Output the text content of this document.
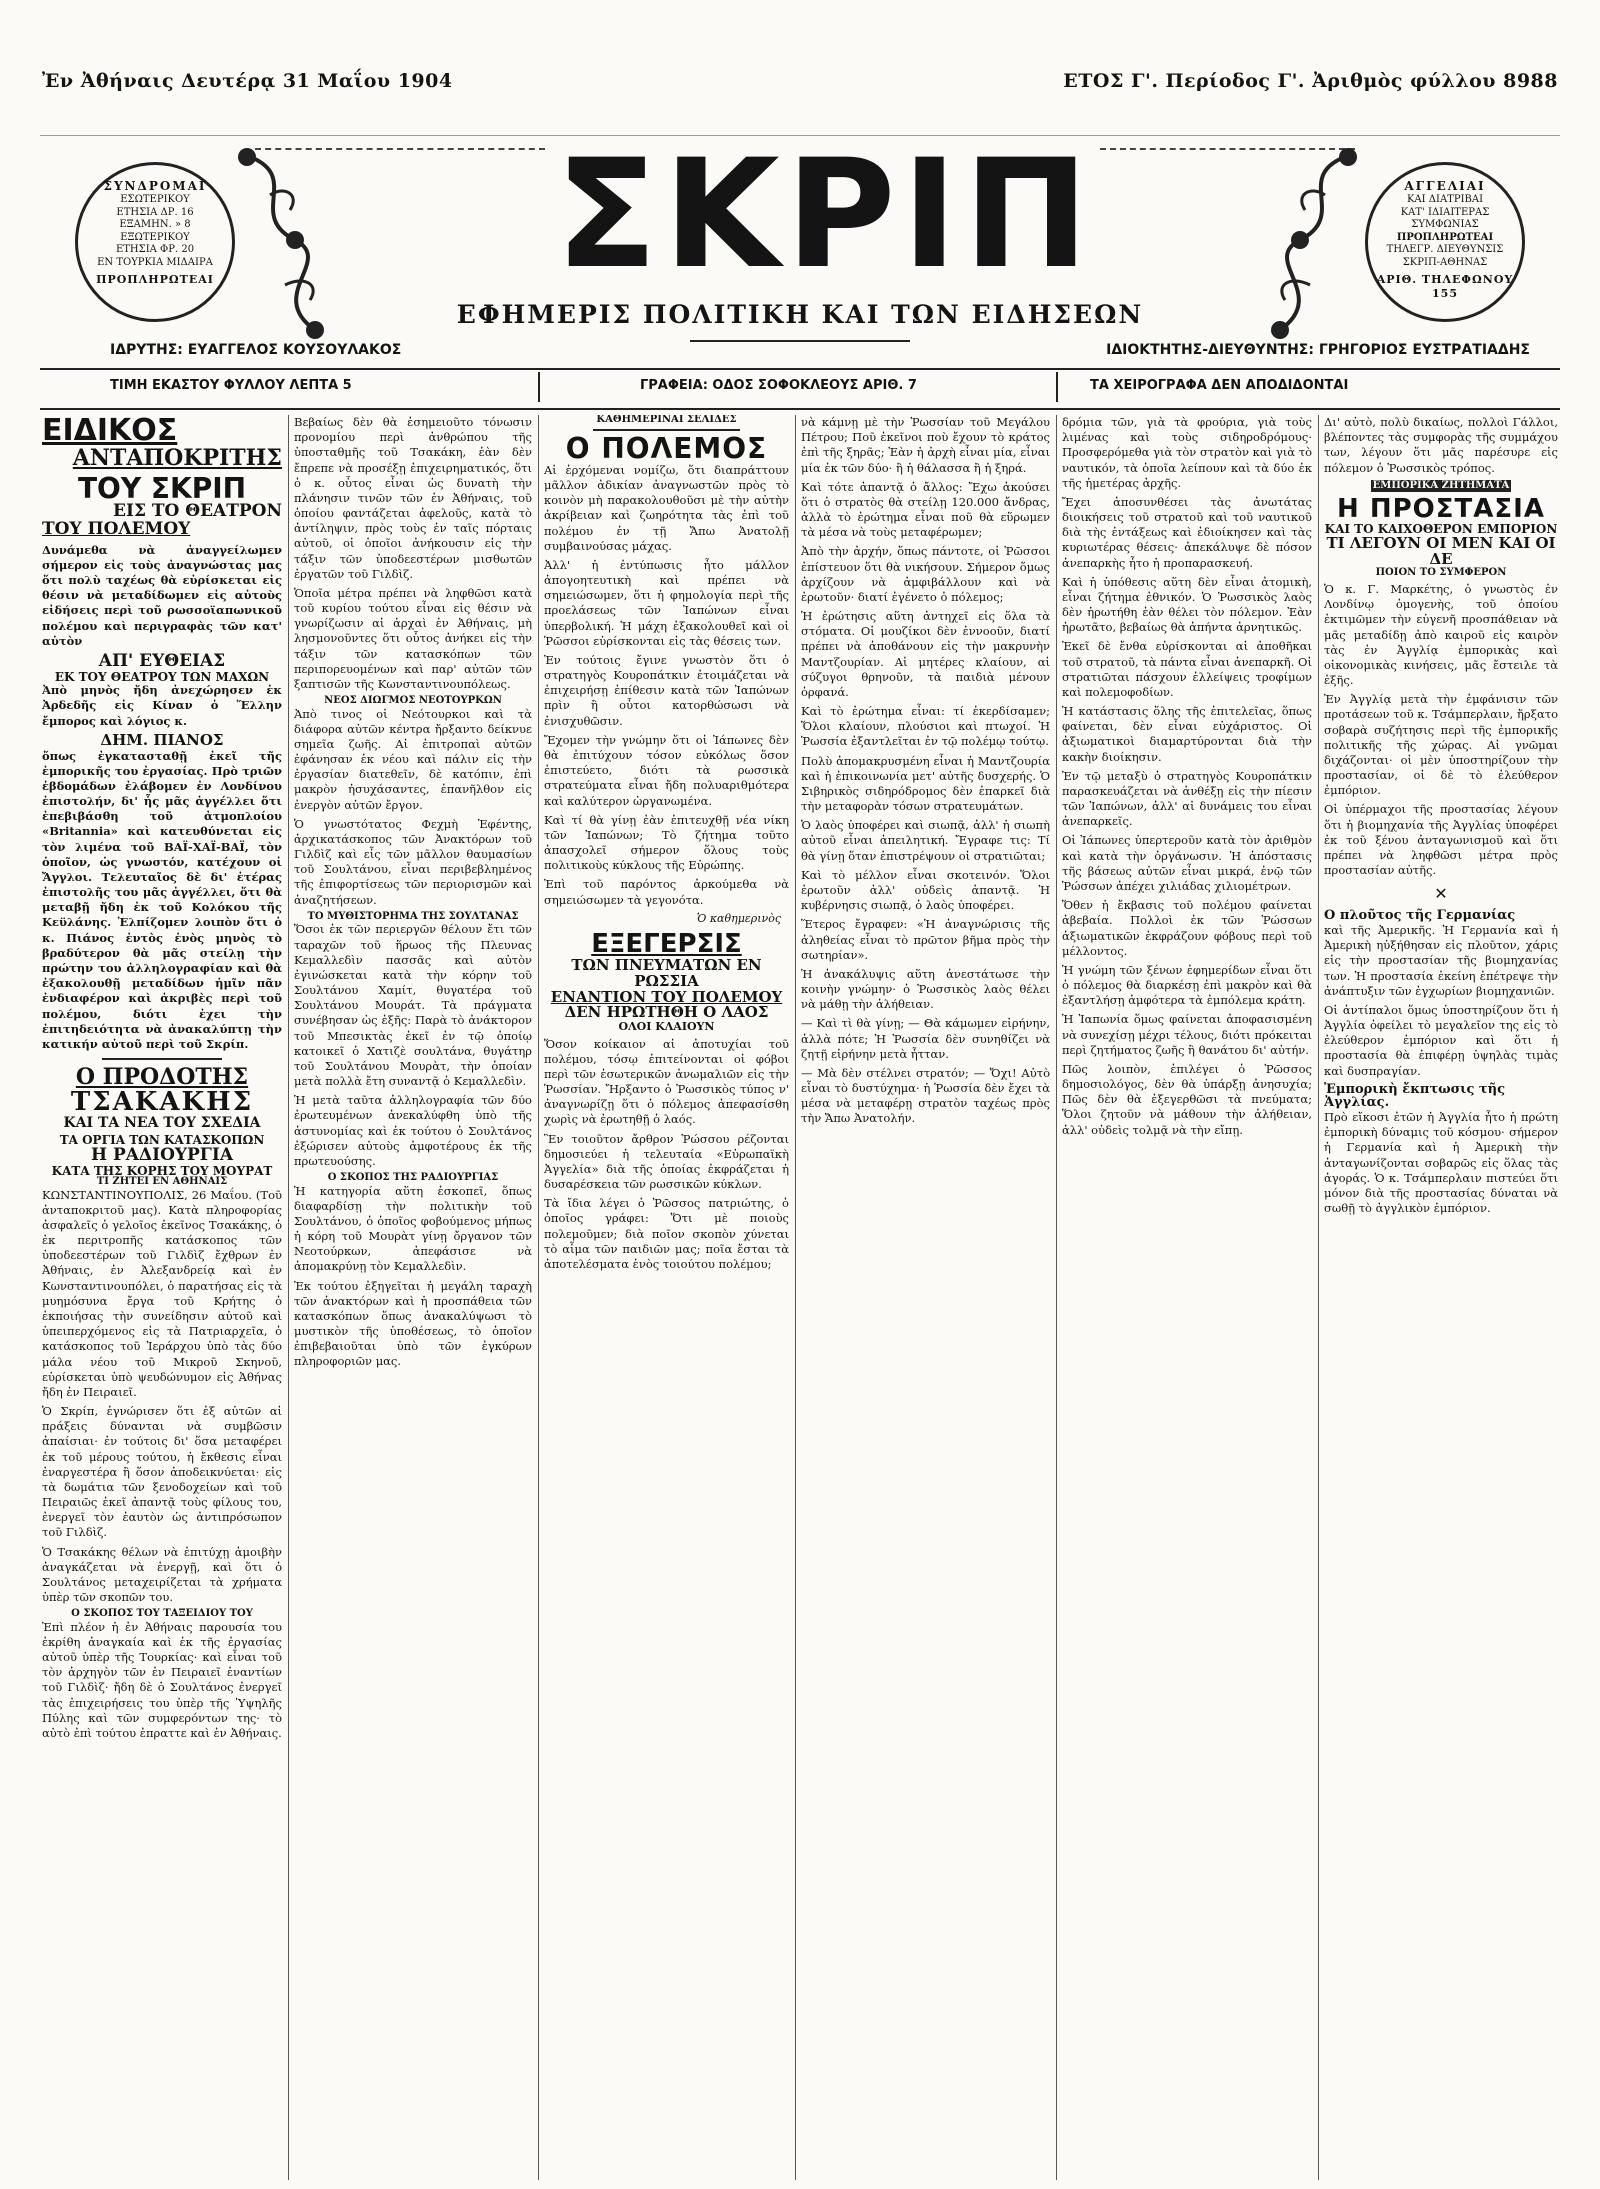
Ἐν Ἀθήναις Δευτέρᾳ 31 Μαΐου 1904	ΕΤΟΣ Γ'. Περίοδος Γ'. Ἀριθμὸς φύλλου 8988
ΣΥΝΔΡΟΜΑΙ
ΕΣΩΤΕΡΙΚΟΥ
ΕΤΗΣΙΑ ΔΡ. 16
ΕΞΑΜΗΝ. » 8
ΕΞΩΤΕΡΙΚΟΥ
ΕΤΗΣΙΑ ΦΡ. 20
ΕΝ ΤΟΥΡΚΙΑ ΜΙΔΑΙΡΑ
ΠΡΟΠΛΗΡΩΤΕΑΙ
ΑΓΓΕΛΙΑΙ
ΚΑΙ ΔΙΑΤΡΙΒΑΙ
ΚΑΤ' ΙΔΙΑΙΤΕΡΑΣ
ΣΥΜΦΩΝΙΑΣ
ΠΡΟΠΛΗΡΩΤΕΑΙ
ΤΗΛΕΓΡ. ΔΙΕΥΘΥΝΣΙΣ
ΣΚΡΙΠ-ΑΘΗΝΑΣ
ΑΡΙΘ. ΤΗΛΕΦΩΝΟΥ 155
ΣΚΡΙΠ
ΕΦΗΜΕΡΙΣ ΠΟΛΙΤΙΚΗ ΚΑΙ ΤΩΝ ΕΙΔΗΣΕΩΝ
ΙΔΡΥΤΗΣ: ΕΥΑΓΓΕΛΟΣ ΚΟΥΣΟΥΛΑΚΟΣ	ΙΔΙΟΚΤΗΤΗΣ-ΔΙΕΥΘΥΝΤΗΣ: ΓΡΗΓΟΡΙΟΣ ΕΥΣΤΡΑΤΙΑΔΗΣ
ΤΙΜΗ ΕΚΑΣΤΟΥ ΦΥΛΛΟΥ ΛΕΠΤΑ 5	ΓΡΑΦΕΙΑ: ΟΔΟΣ ΣΟΦΟΚΛΕΟΥΣ ΑΡΙΘ. 7	ΤΑ ΧΕΙΡΟΓΡΑΦΑ ΔΕΝ ΑΠΟΔΙΔΟΝΤΑΙ
ΕΙΔΙΚΟΣ
ΑΝΤΑΠΟΚΡΙΤΗΣ
ΤΟΥ ΣΚΡΙΠ
ΕΙΣ ΤΟ ΘΕΑΤΡΟΝ
ΤΟΥ ΠΟΛΕΜΟΥ

Δυνάμεθα νὰ ἀναγγείλωμεν σήμερον εἰς τοὺς ἀναγνώστας μας ὅτι πολὺ ταχέως θὰ εὑρίσκεται εἰς θέσιν νὰ μεταδίδωμεν εἰς αὐτοὺς εἰδήσεις περὶ τοῦ ρωσσοϊαπωνικοῦ πολέμου καὶ περιγραφὰς τῶν κατ' αὐτὸν

ΑΠ' ΕΥΘΕΙΑΣ
ΕΚ ΤΟΥ ΘΕΑΤΡΟΥ ΤΩΝ ΜΑΧΩΝ

Ἀπὸ μηνὸς ἤδη ἀνεχώρησεν ἐκ Ἀρδεδῆς εἰς Κίναν ὁ Ἕλλην ἔμπορος καὶ λόγιος κ.

ΔΗΜ. ΠΙΑΝΟΣ

ὅπως ἐγκατασταθῇ ἐκεῖ τῆς ἐμπορικῆς του ἐργασίας. Πρὸ τριῶν ἑβδομάδων ἐλάβομεν ἐν Λονδίνου ἐπιστολήν, δι' ἧς μᾶς ἀγγέλλει ὅτι ἐπεβιβάσθη τοῦ ἀτμοπλοίου «Britannia» καὶ κατευθύνεται εἰς τὸν λιμένα τοῦ ΒΑΪ-ΧΑΪ-ΒΑΪ, τὸν ὁποῖον, ὡς γνωστόν, κατέχουν οἱ Ἄγγλοι. Τελευταῖος δὲ δι' ἑτέρας ἐπιστολῆς του μᾶς ἀγγέλλει, ὅτι θὰ μεταβῇ ἤδη ἐκ τοῦ Κολόκου τῆς Κεϋλάνης. Ἐλπίζομεν λοιπὸν ὅτι ὁ κ. Πιάνος ἐντὸς ἑνὸς μηνὸς τὸ βραδύτερον θὰ μᾶς στείλῃ τὴν πρώτην του ἀλληλογραφίαν καὶ θὰ ἐξακολουθῇ μεταδίδων ἡμῖν πᾶν ἐνδιαφέρον καὶ ἀκριβὲς περὶ τοῦ πολέμου, διότι ἐχει τὴν ἐπιτηδειότητα νὰ ἀνακαλύπτῃ τὴν κατικήν αὐτοῦ περὶ τοῦ Σκρίπ.

Ο ΠΡΟΔΟΤΗΣ
ΤΣΑΚΑΚΗΣ
ΚΑΙ ΤΑ ΝΕΑ ΤΟΥ ΣΧΕΔΙΑ
ΤΑ ΟΡΓΙΑ ΤΩΝ ΚΑΤΑΣΚΟΠΩΝ
Η ΡΑΔΙΟΥΡΓΙΑ
ΚΑΤΑ ΤΗΣ ΚΟΡΗΣ ΤΟΥ ΜΟΥΡΑΤ
ΤΙ ΖΗΤΕΙ ΕΝ ΑΘΗΝΑΙΣ

ΚΩΝΣΤΑΝΤΙΝΟΥΠΟΛΙΣ, 26 Μαΐου. (Τοῦ ἀνταποκριτοῦ μας). Κατὰ πληροφορίας ἀσφαλεῖς ὁ γελοῖος ἐκεῖνος Τσακάκης, ὁ ἐκ περιτροπῆς κατάσκοπος τῶν ὑποδεεστέρων τοῦ Γιλδὶζ ἔχθρων ἐν Ἀθήναις, ἐν Ἀλεξανδρείᾳ καὶ ἐν Κωνσταντινουπόλει, ὁ παρατήσας εἰς τὰ μυημόσυνα ἔργα τοῦ Κρήτης ὁ ἐκποιήσας τὴν συνείδησιν αὐτοῦ καὶ ὑπειπερχόμενος εἰς τὰ Πατριαρχεῖα, ὁ κατάσκοπος τοῦ Ἱεράρχου ὑπὸ τὰς δύο μάλα νέου τοῦ Μικροῦ Σκηνοῦ, εὑρίσκεται ὑπὸ ψευδώνυμον εἰς Ἀθήνας ἤδη ἐν Πειραιεῖ.

Ὁ Σκρίπ, ἐγνώρισεν ὅτι ἐξ αὐτῶν αἱ πράξεις δύνανται νὰ συμβῶσιν ἀπαίσιαι· ἐν τούτοις δι' ὅσα μεταφέρει ἐκ τοῦ μέρους τούτου, ἡ ἔκθεσις εἶναι ἐναργεστέρα ἢ ὅσον ἀποδεικνύεται· εἰς τὰ δωμάτια τῶν ξενοδοχείων καὶ τοῦ Πειραιῶς ἐκεῖ ἀπαντᾷ τοὺς φίλους του, ἐνεργεῖ τὸν ἐαυτὸν ὡς ἀντιπρόσωπον τοῦ Γιλδὶζ.

Ὁ Τσακάκης θέλων νὰ ἐπιτύχῃ ἀμοιβὴν ἀναγκάζεται νὰ ἐνεργῇ, καὶ ὅτι ὁ Σουλτάνος μεταχειρίζεται τὰ χρήματα ὑπὲρ τῶν σκοπῶν του.

Ο ΣΚΟΠΟΣ ΤΟΥ ΤΑΞΕΙΔΙΟΥ ΤΟΥ

Ἐπὶ πλέον ἡ ἐν Ἀθήναις παρουσία του ἐκρίθη ἀναγκαία καὶ ἐκ τῆς ἐργασίας αὐτοῦ ὑπὲρ τῆς Τουρκίας· καὶ εἶναι τοῦ τὸν ἀρχηγὸν τῶν ἐν Πειραιεῖ ἐναντίων τοῦ Γιλδὶζ· ἤδη δὲ ὁ Σουλτάνος ἐνεργεῖ τὰς ἐπιχειρήσεις του ὑπὲρ τῆς Ὑψηλῆς Πύλης καὶ τῶν συμφερόντων της· τὸ αὐτὸ ἐπὶ τούτου ἐπραττε καὶ ἐν Ἀθήναις.

Βεβαίως δὲν θὰ ἐσημειοῦτο τόνωσιν προνομίου περὶ ἀνθρώπου τῆς ὑποσταθμῆς τοῦ Τσακάκη, ἐὰν δὲν ἔπρεπε νὰ προσέξῃ ἐπιχειρηματικός, ὅτι ὁ κ. οὗτος εἶναι ὡς δυνατὴ τὴν πλάνησιν τινῶν τῶν ἐν Ἀθήναις, τοῦ ὁποίου φαντάζεται ἀφελοῦς, κατὰ τὸ ἀντίληψιν, πρὸς τοὺς ἐν ταῖς πόρταις αὐτοῦ, οἱ ὁποῖοι ἀνήκουσιν εἰς τὴν τάξιν τῶν ὑποδεεστέρων μισθωτῶν ἐργατῶν τοῦ Γιλδὶζ.

Ὁποῖα μέτρα πρέπει νὰ ληφθῶσι κατὰ τοῦ κυρίου τούτου εἶναι εἰς θέσιν νὰ γνωρίζωσιν αἱ ἀρχαὶ ἐν Ἀθήναις, μὴ λησμονοῦντες ὅτι οὗτος ἀνήκει εἰς τὴν τάξιν τῶν κατασκόπων τῶν περιπορευομένων καὶ παρ' αὐτῶν τῶν ξαπτισῶν τῆς Κωνσταντινουπόλεως.

ΝΕΟΣ ΔΙΩΓΜΟΣ ΝΕΟΤΟΥΡΚΩΝ

Ἀπὸ τινος οἱ Νεότουρκοι καὶ τὰ διάφορα αὐτῶν κέντρα ἤρξαντο δείκνυε σημεῖα ζωῆς. Αἱ ἐπιτροπαὶ αὐτῶν ἐφάνησαν ἐκ νέου καὶ πάλιν εἰς τὴν ἐργασίαν διατεθεῖν, δὲ κατόπιν, ἐπὶ μακρὸν ἠσυχάσαντες, ἐπανῆλθον εἰς ἐνεργὸν αὐτῶν ἔργον.

Ὁ γνωστότατος Φεχμὴ Ἐφέντης, ἀρχικατάσκοπος τῶν Ἀνακτόρων τοῦ Γιλδὶζ καὶ εἷς τῶν μᾶλλον θαυμασίων τοῦ Σουλτάνου, εἶναι περιβεβλημένος τῆς ἐπιφορτίσεως τῶν περιορισμῶν καὶ ἀναζητήσεων.

ΤΟ ΜΥΘΙΣΤΟΡΗΜΑ ΤΗΣ ΣΟΥΛΤΑΝΑΣ

Ὅσοι ἐκ τῶν περιεργῶν θέλουν ἔτι τῶν ταραχῶν τοῦ ἥρωος τῆς Πλευνας Κεμαλλεδὶν πασσᾶς καὶ αὐτὸν ἐγινώσκεται κατὰ τὴν κόρην τοῦ Σουλτάνου Χαμίτ, θυγατέρα τοῦ Σουλτάνου Μουράτ. Τὰ πράγματα συνέβησαν ὡς ἑξῆς: Παρὰ τὸ ἀνάκτορον τοῦ Μπεσικτὰς ἐκεῖ ἐν τῷ ὁποίῳ κατοικεῖ ὁ Χατιζὲ σουλτάνα, θυγάτηρ τοῦ Σουλτάνου Μουρὰτ, τὴν ὁποίαν μετὰ πολλὰ ἔτη συναντᾷ ὁ Κεμαλλεδὶν.

Ἡ μετὰ ταῦτα ἀλληλογραφία τῶν δύο ἐρωτευμένων ἀνεκαλύφθη ὑπὸ τῆς ἀστυνομίας καὶ ἐκ τούτου ὁ Σουλτάνος ἐξώρισεν αὐτοὺς ἀμφοτέρους ἐκ τῆς πρωτευούσης.

Ο ΣΚΟΠΟΣ ΤΗΣ ΡΑΔΙΟΥΡΓΙΑΣ

Ἡ κατηγορία αὕτη ἐσκοπεῖ, ὅπως διαφαρδίσῃ τὴν πολιτικὴν τοῦ Σουλτάνου, ὁ ὁποῖος φοβούμενος μήπως ἡ κόρη τοῦ Μουρὰτ γίνῃ ὄργανον τῶν Νεοτούρκων, ἀπεφάσισε νὰ ἀπομακρύνῃ τὸν Κεμαλλεδὶν.

Ἐκ τούτου ἐξηγεῖται ἡ μεγάλη ταραχὴ τῶν ἀνακτόρων καὶ ἡ προσπάθεια τῶν κατασκόπων ὅπως ἀνακαλύψωσι τὸ μυστικὸν τῆς ὑποθέσεως, τὸ ὁποῖον ἐπιβεβαιοῦται ὑπὸ τῶν ἐγκύρων πληροφοριῶν μας.

ΚΑΘΗΜΕΡΙΝΑΙ ΣΕΛΙΔΕΣ
Ο ΠΟΛΕΜΟΣ

Αἱ ἐρχόμεναι νομίζω, ὅτι διαπράττουν μᾶλλον ἀδικίαν ἀναγνωστῶν πρὸς τὸ κοινὸν μὴ παρακολουθοῦσι μὲ τὴν αὐτὴν ἀκρίβειαν καὶ ζωηρότητα τὰς ἐπὶ τοῦ πολέμου ἐν τῇ Ἄπω Ἀνατολῇ συμβαινούσας μάχας.

Ἀλλ' ἡ ἐντύπωσις ἦτο μάλλον ἀπογοητευτικὴ καὶ πρέπει νὰ σημειώσωμεν, ὅτι ἡ φημολογία περὶ τῆς προελάσεως τῶν Ἰαπώνων εἶναι ὑπερβολική. Ἡ μάχη ἐξακολουθεῖ καὶ οἱ Ῥῶσσοι εὑρίσκονται εἰς τὰς θέσεις των.

Ἐν τούτοις ἔγινε γνωστὸν ὅτι ὁ στρατηγὸς Κουροπάτκιν ἐτοιμάζεται νὰ ἐπιχειρήσῃ ἐπίθεσιν κατὰ τῶν Ἰαπώνων πρὶν ἢ οὗτοι κατορθώσωσι νὰ ἐνισχυθῶσιν.

Ἔχομεν τὴν γνώμην ὅτι οἱ Ἰάπωνες δὲν θὰ ἐπιτύχουν τόσον εὐκόλως ὅσον ἐπιστεύετο, διότι τὰ ρωσσικὰ στρατεύματα εἶναι ἤδη πολυαριθμότερα καὶ καλύτερον ὠργανωμένα.

Καὶ τί θὰ γίνῃ ἐὰν ἐπιτευχθῇ νέα νίκη τῶν Ἰαπώνων; Τὸ ζήτημα τοῦτο ἀπασχολεῖ σήμερον ὅλους τοὺς πολιτικοὺς κύκλους τῆς Εὐρώπης.

Ἐπὶ τοῦ παρόντος ἀρκούμεθα νὰ σημειώσωμεν τὰ γεγονότα.

Ὁ καθημερινὸς
ΕΞΕΓΕΡΣΙΣ
ΤΩΝ ΠΝΕΥΜΑΤΩΝ ΕΝ ΡΩΣΣΙΑ
ΕΝΑΝΤΙΟΝ ΤΟΥ ΠΟΛΕΜΟΥ
ΔΕΝ ΗΡΩΤΗΘΗ Ο ΛΑΟΣ
ΟΛΟΙ ΚΛΑΙΟΥΝ

Ὅσον κοίκαιον αἱ ἀποτυχίαι τοῦ πολέμου, τόσῳ ἐπιτείνονται οἱ φόβοι περὶ τῶν ἐσωτερικῶν ἀνωμαλιῶν εἰς τὴν Ῥωσσίαν. Ἤρξαντο ὁ Ῥωσσικὸς τύπος ν' ἀναγνωρίζῃ ὅτι ὁ πόλεμος ἀπεφασίσθη χωρὶς νὰ ἐρωτηθῇ ὁ λαός.

Ἓν τοιοῦτον ἄρθρον Ῥώσσου ρέζονται δημοσιεύει ἡ τελευταία «Εὐρωπαϊκὴ Ἀγγελία» διὰ τῆς ὁποίας ἐκφράζεται ἡ δυσαρέσκεια τῶν ρωσσικῶν κύκλων.

Τὰ ἴδια λέγει ὁ Ῥῶσσος πατριώτης, ὁ ὁποῖος γράφει: Ὅτι μὲ ποιοὺς πολεμοῦμεν; διὰ ποῖον σκοπὸν χύνεται τὸ αἷμα τῶν παιδιῶν μας; ποῖα ἔσται τὰ ἀποτελέσματα ἑνὸς τοιούτου πολέμου;

νὰ κάμνῃ μὲ τὴν Ῥωσσίαν τοῦ Μεγάλου Πέτρου; Ποῦ ἐκεῖνοι ποὺ ἔχουν τὸ κράτος ἐπὶ τῆς ξηρᾶς; Ἐὰν ἡ ἀρχὴ εἶναι μία, εἶναι μία ἐκ τῶν δύο· ἢ ἡ θάλασσα ἢ ἡ ξηρά.

Καὶ τότε ἀπαντᾷ ὁ ἄλλος: Ἔχω ἀκούσει ὅτι ὁ στρατὸς θὰ στείλῃ 120.000 ἄνδρας, ἀλλὰ τὸ ἐρώτημα εἶναι ποῦ θὰ εὕρωμεν τὰ μέσα νὰ τοὺς μεταφέρωμεν;

Ἀπὸ τὴν ἀρχήν, ὅπως πάντοτε, οἱ Ῥῶσσοι ἐπίστευον ὅτι θὰ νικήσουν. Σήμερον ὅμως ἀρχίζουν νὰ ἀμφιβάλλουν καὶ νὰ ἐρωτοῦν· διατί ἐγένετο ὁ πόλεμος;

Ἡ ἐρώτησις αὕτη ἀντηχεῖ εἰς ὅλα τὰ στόματα. Οἱ μουζίκοι δὲν ἐννοοῦν, διατί πρέπει νὰ ἀποθάνουν εἰς τὴν μακρυνὴν Μαντζουρίαν. Αἱ μητέρες κλαίουν, αἱ σύζυγοι θρηνοῦν, τὰ παιδιὰ μένουν ὀρφανά.

Καὶ τὸ ἐρώτημα εἶναι: τί ἐκερδίσαμεν; Ὅλοι κλαίουν, πλούσιοι καὶ πτωχοί. Ἡ Ῥωσσία ἐξαντλεῖται ἐν τῷ πολέμῳ τούτῳ.

Πολὺ ἀπομακρυσμένη εἶναι ἡ Μαντζουρία καὶ ἡ ἐπικοινωνία μετ' αὐτῆς δυσχερής. Ὁ Σιβηρικὸς σιδηρόδρομος δὲν ἐπαρκεῖ διὰ τὴν μεταφορὰν τόσων στρατευμάτων.

Ὁ λαὸς ὑποφέρει καὶ σιωπᾷ, ἀλλ' ἡ σιωπὴ αὐτοῦ εἶναι ἀπειλητική. Ἔγραφε τις: Τί θὰ γίνῃ ὅταν ἐπιστρέψουν οἱ στρατιῶται;

Καὶ τὸ μέλλον εἶναι σκοτεινόν. Ὅλοι ἐρωτοῦν ἀλλ' οὐδεὶς ἀπαντᾷ. Ἡ κυβέρνησις σιωπᾷ, ὁ λαὸς ὑποφέρει.

Ἕτερος ἔγραφεν: «Ἡ ἀναγνώρισις τῆς ἀληθείας εἶναι τὸ πρῶτον βῆμα πρὸς τὴν σωτηρίαν».

Ἡ ἀνακάλυψις αὕτη ἀνεστάτωσε τὴν κοινὴν γνώμην· ὁ Ῥωσσικὸς λαὸς θέλει νὰ μάθῃ τὴν ἀλήθειαν.

— Καὶ τὶ θὰ γίνῃ; — Θὰ κάμωμεν εἰρήνην, ἀλλὰ πότε; Ἡ Ῥωσσία δὲν συνηθίζει νὰ ζητῇ εἰρήνην μετὰ ἧτταν.

— Μὰ δὲν στέλνει στρατόν; — Ὄχι! Αὐτὸ εἶναι τὸ δυστύχημα· ἡ Ῥωσσία δὲν ἔχει τὰ μέσα νὰ μεταφέρῃ στρατὸν ταχέως πρὸς τὴν Ἄπω Ἀνατολήν.

δρόμια τῶν, γιὰ τὰ φρούρια, γιὰ τοὺς λιμένας καὶ τοὺς σιδηροδρόμους· Προσφερόμεθα γιὰ τὸν στρατὸν καὶ γιὰ τὸ ναυτικόν, τὰ ὁποῖα λείπουν καὶ τὰ δύο ἐκ τῆς ἡμετέρας ἀρχῆς.

Ἔχει ἀποσυνθέσει τὰς ἀνωτάτας διοικήσεις τοῦ στρατοῦ καὶ τοῦ ναυτικοῦ διὰ τὴς ἐντάξεως καὶ ἐδιοίκησεν καὶ τὰς κυριωτέρας θέσεις· ἀπεκάλυψε δὲ πόσον ἀνεπαρκὴς ἦτο ἡ προπαρασκευή.

Καὶ ἡ ὑπόθεσις αὕτη δὲν εἶναι ἀτομικὴ, εἶναι ζήτημα ἐθνικόν. Ὁ Ῥωσσικὸς λαὸς δὲν ἠρωτήθη ἐὰν θέλει τὸν πόλεμον. Ἐὰν ἠρωτᾶτο, βεβαίως θὰ ἀπήντα ἀρνητικῶς.

Ἐκεῖ δὲ ἔνθα εὑρίσκονται αἱ ἀποθῆκαι τοῦ στρατοῦ, τὰ πάντα εἶναι ἀνεπαρκῆ. Οἱ στρατιῶται πάσχουν ἐλλείψεις τροφίμων καὶ πολεμοφοδίων.

Ἡ κατάστασις ὅλης τῆς ἐπιτελεῖας, ὅπως φαίνεται, δὲν εἶναι εὐχάριστος. Οἱ ἀξιωματικοὶ διαμαρτύρονται διὰ τὴν κακὴν διοίκησιν.

Ἐν τῷ μεταξὺ ὁ στρατηγὸς Κουροπάτκιν παρασκευάζεται νὰ ἀνθέξῃ εἰς τὴν πίεσιν τῶν Ἰαπώνων, ἀλλ' αἱ δυνάμεις του εἶναι ἀνεπαρκεῖς.

Οἱ Ἰάπωνες ὑπερτεροῦν κατὰ τὸν ἀριθμὸν καὶ κατὰ τὴν ὀργάνωσιν. Ἡ ἀπόστασις τῆς βάσεως αὐτῶν εἶναι μικρά, ἐνῷ τῶν Ῥώσσων ἀπέχει χιλιάδας χιλιομέτρων.

Ὅθεν ἡ ἔκβασις τοῦ πολέμου φαίνεται ἀβεβαία. Πολλοὶ ἐκ τῶν Ῥώσσων ἀξιωματικῶν ἐκφράζουν φόβους περὶ τοῦ μέλλοντος.

Ἡ γνώμη τῶν ξένων ἐφημερίδων εἶναι ὅτι ὁ πόλεμος θὰ διαρκέσῃ ἐπὶ μακρὸν καὶ θὰ ἐξαντλήσῃ ἀμφότερα τὰ ἐμπόλεμα κράτη.

Ἡ Ἰαπωνία ὅμως φαίνεται ἀποφασισμένη νὰ συνεχίσῃ μέχρι τέλους, διότι πρόκειται περὶ ζητήματος ζωῆς ἢ θανάτου δι' αὐτήν.

Πῶς λοιπὸν, ἐπιλέγει ὁ Ῥῶσσος δημοσιολόγος, δὲν θὰ ὑπάρξῃ ἀνησυχία; Πῶς δὲν θὰ ἐξεγερθῶσι τὰ πνεύματα; Ὅλοι ζητοῦν νὰ μάθουν τὴν ἀλήθειαν, ἀλλ' οὐδεὶς τολμᾷ νὰ τὴν εἴπῃ.

Δι' αὐτὸ, πολὺ δικαίως, πολλοὶ Γάλλοι, βλέποντες τὰς συμφορὰς τῆς συμμάχου των, λέγουν ὅτι μᾶς παρέσυρε εἰς πόλεμον ὁ Ῥωσσικὸς τρόπος.

ΕΜΠΟΡΙΚΑ ΖΗΤΗΜΑΤΑ
Η ΠΡΟΣΤΑΣΙΑ
ΚΑΙ ΤΟ ΚΑΙΧΟΘΕΡΟΝ ΕΜΠΟΡΙΟΝ
ΤΙ ΛΕΓΟΥΝ ΟΙ ΜΕΝ ΚΑΙ ΟΙ ΔΕ
ΠΟΙΟΝ ΤΟ ΣΥΜΦΕΡΟΝ

Ὁ κ. Γ. Μαρκέτης, ὁ γνωστὸς ἐν Λονδίνῳ ὁμογενὴς, τοῦ ὁποίου ἐκτιμῶμεν τὴν εὐγενῆ προσπάθειαν νὰ μᾶς μεταδίδῃ ἀπὸ καιροῦ εἰς καιρὸν τὰς ἐν Ἀγγλίᾳ ἐμπορικὰς καὶ οἰκονομικὰς κινήσεις, μᾶς ἔστειλε τὰ ἑξῆς.

Ἐν Ἀγγλίᾳ μετὰ τὴν ἐμφάνισιν τῶν προτάσεων τοῦ κ. Τσάμπερλαιν, ἤρξατο σοβαρὰ συζήτησις περὶ τῆς ἐμπορικῆς πολιτικῆς τῆς χώρας. Αἱ γνῶμαι διχάζονται· οἱ μὲν ὑποστηρίζουν τὴν προστασίαν, οἱ δὲ τὸ ἐλεύθερον ἐμπόριον.

Οἱ ὑπέρμαχοι τῆς προστασίας λέγουν ὅτι ἡ βιομηχανία τῆς Ἀγγλίας ὑποφέρει ἐκ τοῦ ξένου ἀνταγωνισμοῦ καὶ ὅτι πρέπει νὰ ληφθῶσι μέτρα πρὸς προστασίαν αὐτῆς.

✕
Ο πλοῦτος τῆς Γερμανίας

καὶ τῆς Ἀμερικῆς. Ἡ Γερμανία καὶ ἡ Ἀμερικὴ ηὐξήθησαν εἰς πλοῦτον, χάρις εἰς τὴν προστασίαν τῆς βιομηχανίας των. Ἡ προστασία ἐκείνη ἐπέτρεψε τὴν ἀνάπτυξιν τῶν ἐγχωρίων βιομηχανιῶν.

Οἱ ἀντίπαλοι ὅμως ὑποστηρίζουν ὅτι ἡ Ἀγγλία ὀφείλει τὸ μεγαλεῖον της εἰς τὸ ἐλεύθερον ἐμπόριον καὶ ὅτι ἡ προστασία θὰ ἐπιφέρῃ ὑψηλὰς τιμὰς καὶ δυσπραγίαν.

Ἐμπορικὴ ἔκπτωσις τῆς Ἀγγλίας.

Πρὸ εἴκοσι ἐτῶν ἡ Ἀγγλία ἦτο ἡ πρώτη ἐμπορικὴ δύναμις τοῦ κόσμου· σήμερον ἡ Γερμανία καὶ ἡ Ἀμερικὴ τὴν ἀνταγωνίζονται σοβαρῶς εἰς ὅλας τὰς ἀγοράς. Ὁ κ. Τσάμπερλαιν πιστεύει ὅτι μόνον διὰ τῆς προστασίας δύναται νὰ σωθῇ τὸ ἀγγλικὸν ἐμπόριον.
